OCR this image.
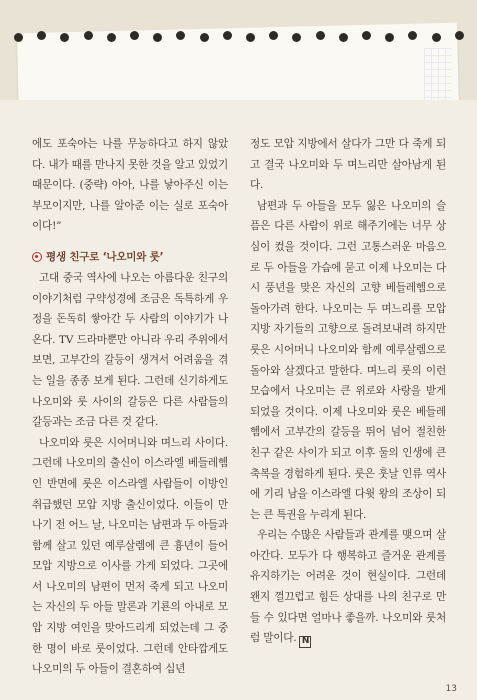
에도 포숙아는 나를 무능하다고 하지 않았다. 내가 때를 만나지 못한 것을 알고 있었기 때문이다. (중략) 아아, 나를 낳아주신 이는 부모이지만, 나를 알아준 이는 실로 포숙아이다!”

평생 친구로 ‘나오미와 룻’

고대 중국 역사에 나오는 아름다운 친구의 이야기처럼 구약성경에 조금은 독특하게 우정을 돈독히 쌓아간 두 사람의 이야기가 나온다. TV 드라마뿐만 아니라 우리 주위에서 보면, 고부간의 갈등이 생겨서 어려움을 겪는 일을 종종 보게 된다. 그런데 신기하게도 나오미와 룻 사이의 갈등은 다른 사람들의 갈등과는 조금 다른 것 같다.

나오미와 룻은 시어머니와 며느리 사이다. 그런데 나오미의 출신이 이스라엘 베들레헴인 반면에 룻은 이스라엘 사람들이 이방인 취급했던 모압 지방 출신이었다. 이들이 만나기 전 어느 날, 나오미는 남편과 두 아들과 함께 살고 있던 예루살렘에 큰 흉년이 들어 모압 지방으로 이사를 가게 되었다. 그곳에서 나오미의 남편이 먼저 죽게 되고 나오미는 자신의 두 아들 말론과 기룐의 아내로 모압 지방 여인을 맞아드리게 되었는데 그 중 한 명이 바로 룻이었다. 그런데 안타깝게도 나오미의 두 아들이 결혼하여 십년

정도 모압 지방에서 살다가 그만 다 죽게 되고 결국 나오미와 두 며느리만 살아남게 된다.

남편과 두 아들을 모두 잃은 나오미의 슬픔은 다른 사람이 위로 해주기에는 너무 상심이 컸을 것이다. 그런 고통스러운 마음으로 두 아들을 가슴에 묻고 이제 나오미는 다시 풍년을 맞은 자신의 고향 베들레헴으로 돌아가려 한다. 나오미는 두 며느리를 모압 지방 자기들의 고향으로 돌려보내려 하지만 룻은 시어머니 나오미와 함께 예루살렘으로 돌아와 살겠다고 말한다. 며느리 룻의 이런 모습에서 나오미는 큰 위로와 사랑을 받게 되었을 것이다. 이제 나오미와 룻은 베들레헴에서 고부간의 갈등을 뛰어 넘어 절친한 친구 같은 사이가 되고 이후 둘의 인생에 큰 축복을 경험하게 된다. 룻은 훗날 인류 역사에 기리 남을 이스라엘 다윗 왕의 조상이 되는 큰 특권을 누리게 된다.

우리는 수많은 사람들과 관계를 맺으며 살아간다. 모두가 다 행복하고 즐거운 관계를 유지하기는 어려운 것이 현실이다. 그런데 왠지 껄끄럽고 힘든 상대를 나의 친구로 만들 수 있다면 얼마나 좋을까. 나오미와 룻처럼 말이다. N

13
